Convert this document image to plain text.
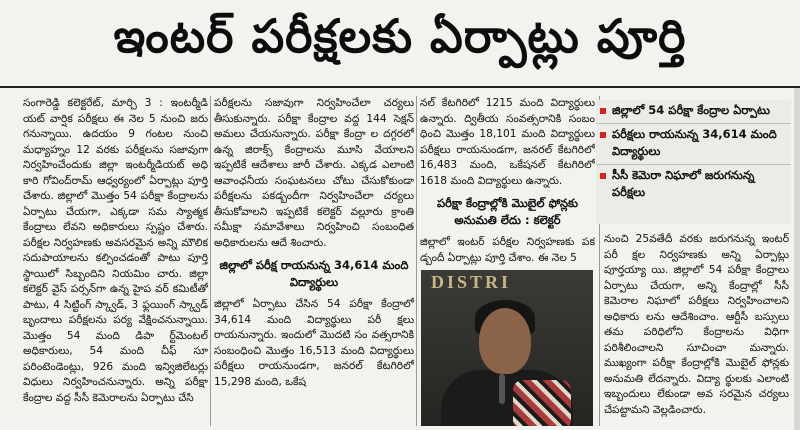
ఇంటర్ పరీక్షలకు ఏర్పాట్లు పూర్తి

సంగారెడ్డి కలెక్టరేట్, మార్చి 3 : ఇంటర్మీడి యట్ వార్షిక పరీక్షలు ఈ నెల 5 నుంచి జరు గనున్నాయి. ఉదయం 9 గంటల నుంచి మధ్యాహ్నం 12 వరకు పరీక్షలను సజావుగా నిర్వహించేందుకు జిల్లా ఇంటర్మీడియట్ అధి కారి గోవింద్‌రామ్ ఆధ్వర్యంలో ఏర్పాట్లు పూర్తి చేశారు. జిల్లాలో మొత్తం 54 పరీక్షా కేంద్రాలను ఏర్పాటు చేయగా, ఎక్కడా సమ స్యాత్మక కేంద్రాలు లేవని అధికారులు స్పష్టం చేశారు. పరీక్షల నిర్వహణకు అవసరమైన అన్ని మౌలిక సదుపాయాలను కల్పించడంతో పాటు పూర్తి స్థాయిలో సిబ్బందిని నియమిం చారు. జిల్లా కలెక్టర్ వైస్ పర్సన్‌గా ఉన్న హైప వర్ కమిటీతో పాటు, 4 సిట్టింగ్ స్క్వాడ్, 3 ఫ్లయింగ్ స్క్వాడ్ బృందాలు పరీక్షలను పర్య వేక్షించనున్నాయి. మొత్తం 54 మంది డిపా ర్ట్‌మెంటల్ అధికారులు, 54 మంది చీఫ్ సూ పరింటెండెంట్లు, 926 మంది ఇన్విజిలేటర్లు విధులు నిర్వహించనున్నారు. అన్ని పరీక్షా కేంద్రాల వద్ద సీసీ కెమెరాలను ఏర్పాటు చేసి

పరీక్షలను సజావుగా నిర్వహించేలా చర్యలు తీసుకున్నారు. పరీక్షా కేంద్రాల వద్ద 144 సెక్షన్ అమలు చేయనున్నారు. పరీక్షా కేంద్రా ల దగ్గరలో ఉన్న జిరాక్స్ కేంద్రాలను మూసి వేయాలని ఇప్పటికే ఆదేశాలు జారీ చేశారు. ఎక్కడ ఎలాంటి ఆవాంఛనీయ సంఘటనలు చోటు చేసుకోకుండా పరీక్షలను పకడ్బందీగా నిర్వహించేలా చర్యలు తీసుకోవాలని ఇప్పటికే కలెక్టర్ వల్లూరు క్రాంతి సమీక్షా సమావేశాలు నిర్వహించి సంబంధిత అధికారులను ఆదే శించారు.

జిల్లాలో పరీక్ష రాయనున్న 34,614 మంది విద్యార్థులు

జిల్లాలో ఏర్పాటు చేసిన 54 పరీక్షా కేంద్రాలో 34,614 మంది విద్యార్థులు పరీ క్షలు రాయనున్నారు. ఇందులో మొదటి సం వత్సరానికి సంబంధించి మొత్తం 16,513 మంది విద్యార్థులు పరీక్షలు రాయనుండగా, జనరల్ కేటగిరిలో 15,298 మంది, ఒకేష

నల్ కేటగిరిలో 1215 మంది విద్యార్థులు ఉన్నారు. ద్వితీయ సంవత్సరానికి సంబం ధించి మొత్తం 18,101 మంది విద్యార్థులు పరీక్షలు రాయనుండగా, జనరల్ కేటగిరిలో 16,483 మంది, ఒకేషనల్ కేటగిరిలో 1618 మంది విద్యార్థులు ఉన్నారు.

పరీక్షా కేంద్రాల్లోకి మొబైల్ ఫోన్లకు అనుమతి లేదు : కలెక్టర్

జిల్లాలో ఇంటర్ పరీక్షల నిర్వహణకు పక డ్బందీ ఏర్పాట్లు పూర్తి చేశాం. ఈ నెల 5

DISTRI
జిల్లాలో 54 పరీక్షా కేంద్రాల ఏర్పాటు
పరీక్షలు రాయనున్న 34,614 మంది విద్యార్థులు
సీసీ కెమెరా నిఘాలో జరుగనున్న పరీక్షలు

నుంచి 25వతేదీ వరకు జరుగనున్న ఇంటర్ పరీ క్షల నిర్వహణకు అన్ని ఏర్పాట్లు పూర్తయ్యా యి. జిల్లాలో 54 పరీక్షా కేంద్రాలు ఏర్పాటు చేయగా, అన్ని కేంద్రాల్లో సీసీ కెమెరాల నిఘాలో పరీక్షలు నిర్వహించాలని అధికారు లను ఆదేశించాం. ఆర్టీసీ బస్సులు తమ పరిధిలోని కేంద్రాలను విధిగా పరిశీలించాలని సూచించా మన్నారు. ముఖ్యంగా పరీక్షా కేంద్రాల్లోకి మొబైల్ ఫోన్లకు అనుమతి లేదన్నారు. విద్యా ర్థులకు ఎలాంటి ఇబ్బందులు లేకుండా అవ సరమైన చర్యలు చేపట్టామని వెల్లడించారు.
